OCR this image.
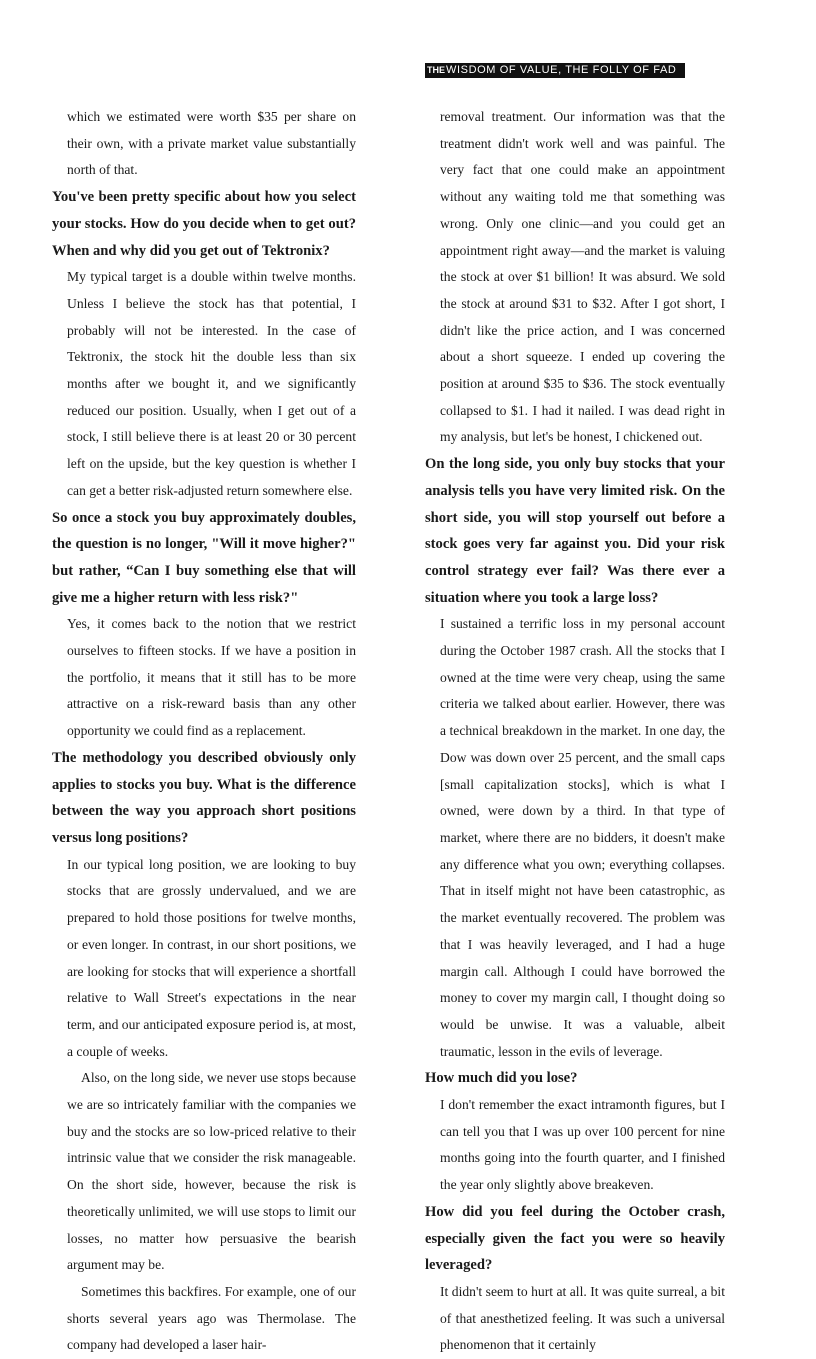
THEWISDOM OF VALUE, THE FOLLY OF FAD

which we estimated were worth $35 per share on their own, with a private market value substantially north of that.

You've been pretty specific about how you select your stocks. How do you decide when to get out? When and why did you get out of Tektronix?

My typical target is a double within twelve months. Unless I believe the stock has that potential, I probably will not be interested. In the case of Tektronix, the stock hit the double less than six months after we bought it, and we significantly reduced our position. Usually, when I get out of a stock, I still believe there is at least 20 or 30 percent left on the upside, but the key question is whether I can get a better risk-adjusted return somewhere else.

So once a stock you buy approximately doubles, the question is no longer, "Will it move higher?" but rather, “Can I buy something else that will give me a higher return with less risk?"

Yes, it comes back to the notion that we restrict ourselves to fifteen stocks. If we have a position in the portfolio, it means that it still has to be more attractive on a risk-reward basis than any other opportunity we could find as a replacement.

The methodology you described obviously only applies to stocks you buy. What is the difference between the way you approach short positions versus long positions?

In our typical long position, we are looking to buy stocks that are grossly undervalued, and we are prepared to hold those positions for twelve months, or even longer. In contrast, in our short positions, we are looking for stocks that will experience a shortfall relative to Wall Street's expectations in the near term, and our anticipated exposure period is, at most, a couple of weeks.

Also, on the long side, we never use stops because we are so intricately familiar with the companies we buy and the stocks are so low-priced relative to their intrinsic value that we consider the risk manageable. On the short side, however, because the risk is theoretically unlimited, we will use stops to limit our losses, no matter how persuasive the bearish argument may be.

Sometimes this backfires. For example, one of our shorts several years ago was Thermolase. The company had developed a laser hair-

removal treatment. Our information was that the treatment didn't work well and was painful. The very fact that one could make an appointment without any waiting told me that something was wrong. Only one clinic—and you could get an appointment right away—and the market is valuing the stock at over $1 billion! It was absurd. We sold the stock at around $31 to $32. After I got short, I didn't like the price action, and I was concerned about a short squeeze. I ended up covering the position at around $35 to $36. The stock eventually collapsed to $1. I had it nailed. I was dead right in my analysis, but let's be honest, I chickened out.

On the long side, you only buy stocks that your analysis tells you have very limited risk. On the short side, you will stop yourself out before a stock goes very far against you. Did your risk control strategy ever fail? Was there ever a situation where you took a large loss?

I sustained a terrific loss in my personal account during the October 1987 crash. All the stocks that I owned at the time were very cheap, using the same criteria we talked about earlier. However, there was a technical breakdown in the market. In one day, the Dow was down over 25 percent, and the small caps [small capitalization stocks], which is what I owned, were down by a third. In that type of market, where there are no bidders, it doesn't make any difference what you own; everything collapses. That in itself might not have been catastrophic, as the market eventually recovered. The problem was that I was heavily leveraged, and I had a huge margin call. Although I could have borrowed the money to cover my margin call, I thought doing so would be unwise. It was a valuable, albeit traumatic, lesson in the evils of leverage.

How much did you lose?

I don't remember the exact intramonth figures, but I can tell you that I was up over 100 percent for nine months going into the fourth quarter, and I finished the year only slightly above breakeven.

How did you feel during the October crash, especially given the fact you were so heavily leveraged?

It didn't seem to hurt at all. It was quite surreal, a bit of that anesthetized feeling. It was such a universal phenomenon that it certainly
